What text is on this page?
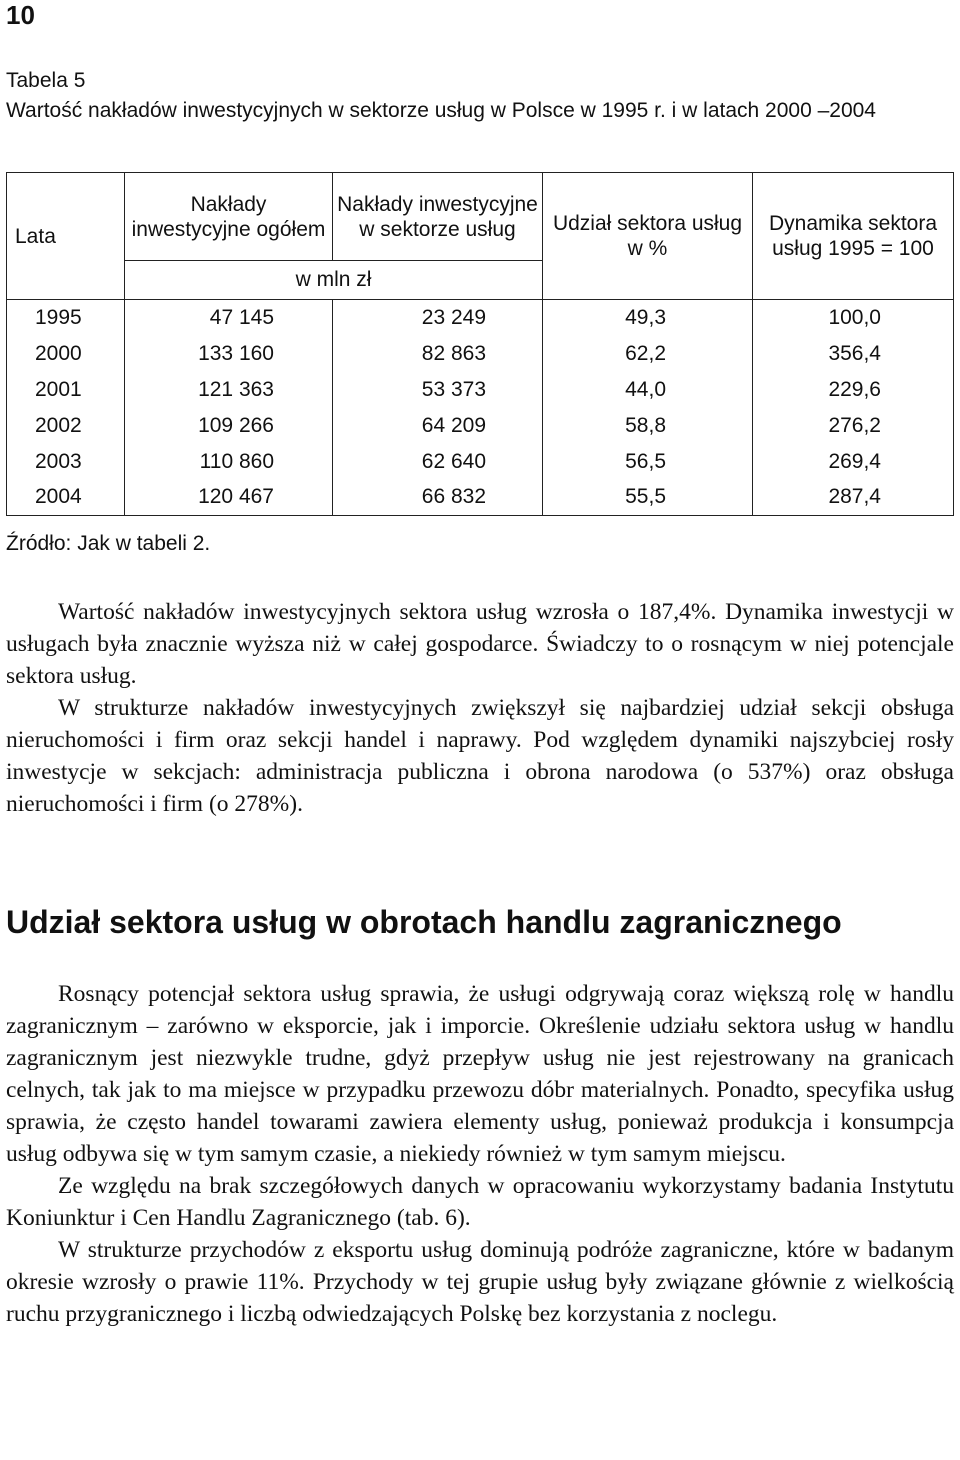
10
Tabela 5
Wartość nakładów inwestycyjnych w sektorze usług w Polsce w 1995 r. i w latach 2000 –2004
Lata	Nakłady inwestycyjne ogółem	Nakłady inwestycyjne w sektorze usług	Udział sektora usług w %	Dynamika sektora usług 1995 = 100
	w mln zł			
1995	47 145	23 249	49,3	100,0
2000	133 160	82 863	62,2	356,4
2001	121 363	53 373	44,0	229,6
2002	109 266	64 209	58,8	276,2
2003	110 860	62 640	56,5	269,4
2004	120 467	66 832	55,5	287,4
Źródło: Jak w tabeli 2.

Wartość nakładów inwestycyjnych sektora usług wzrosła o 187,4%. Dynamika inwestycji w usługach była znacznie wyższa niż w całej gospodarce. Świadczy to o rosnącym w niej potencjale sektora usług.

W strukturze nakładów inwestycyjnych zwiększył się najbardziej udział sekcji obsługa nieruchomości i firm oraz sekcji handel i naprawy. Pod względem dynamiki najszybciej rosły inwestycje w sekcjach: administracja publiczna i obrona narodowa (o 537%) oraz obsługa nieruchomości i firm (o 278%).

Udział sektora usług w obrotach handlu zagranicznego

Rosnący potencjał sektora usług sprawia, że usługi odgrywają coraz większą rolę w handlu zagranicznym – zarówno w eksporcie, jak i imporcie. Określenie udziału sektora usług w handlu zagranicznym jest niezwykle trudne, gdyż przepływ usług nie jest rejestrowany na granicach celnych, tak jak to ma miejsce w przypadku przewozu dóbr materialnych. Ponadto, specyfika usług sprawia, że często handel towarami zawiera elementy usług, ponieważ produkcja i konsumpcja usług odbywa się w tym samym czasie, a niekiedy również w tym samym miejscu.

Ze względu na brak szczegółowych danych w opracowaniu wykorzystamy badania Instytutu Koniunktur i Cen Handlu Zagranicznego (tab. 6).

W strukturze przychodów z eksportu usług dominują podróże zagraniczne, które w badanym okresie wzrosły o prawie 11%. Przychody w tej grupie usług były związane głównie z wielkością ruchu przygranicznego i liczbą odwiedzających Polskę bez korzystania z noclegu.
